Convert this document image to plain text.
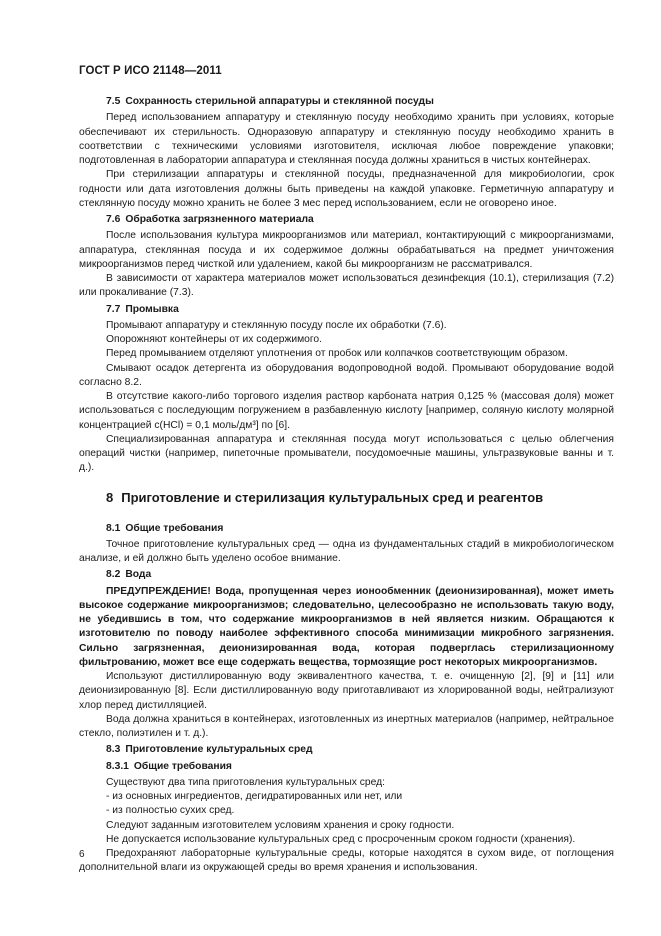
ГОСТ Р ИСО 21148—2011

7.5 Сохранность стерильной аппаратуры и стеклянной посуды

Перед использованием аппаратуру и стеклянную посуду необходимо хранить при условиях, которые обеспечивают их стерильность. Одноразовую аппаратуру и стеклянную посуду необходимо хранить в соответствии с техническими условиями изготовителя, исключая любое повреждение упаковки; подготовленная в лаборатории аппаратура и стеклянная посуда должны храниться в чистых контейнерах.

При стерилизации аппаратуры и стеклянной посуды, предназначенной для микробиологии, срок годности или дата изготовления должны быть приведены на каждой упаковке. Герметичную аппаратуру и стеклянную посуду можно хранить не более 3 мес перед использованием, если не оговорено иное.

7.6 Обработка загрязненного материала

После использования культура микроорганизмов или материал, контактирующий с микроорганизмами, аппаратура, стеклянная посуда и их содержимое должны обрабатываться на предмет уничтожения микроорганизмов перед чисткой или удалением, какой бы микроорганизм не рассматривался.

В зависимости от характера материалов может использоваться дезинфекция (10.1), стерилизация (7.2) или прокаливание (7.3).

7.7 Промывка

Промывают аппаратуру и стеклянную посуду после их обработки (7.6).

Опорожняют контейнеры от их содержимого.

Перед промыванием отделяют уплотнения от пробок или колпачков соответствующим образом.

Смывают осадок детергента из оборудования водопроводной водой. Промывают оборудование водой согласно 8.2.

В отсутствие какого-либо торгового изделия раствор карбоната натрия 0,125 % (массовая доля) может использоваться с последующим погружением в разбавленную кислоту [например, соляную кислоту молярной концентрацией с(HCl) = 0,1 моль/дм³] по [6].

Специализированная аппаратура и стеклянная посуда могут использоваться с целью облегчения операций чистки (например, пипеточные промыватели, посудомоечные машины, ультразвуковые ванны и т. д.).

8 Приготовление и стерилизация культуральных сред и реагентов

8.1 Общие требования

Точное приготовление культуральных сред — одна из фундаментальных стадий в микробиологическом анализе, и ей должно быть уделено особое внимание.

8.2 Вода

ПРЕДУПРЕЖДЕНИЕ! Вода, пропущенная через ионообменник (деионизированная), может иметь высокое содержание микроорганизмов; следовательно, целесообразно не использовать такую воду, не убедившись в том, что содержание микроорганизмов в ней является низким. Обращаются к изготовителю по поводу наиболее эффективного способа минимизации микробного загрязнения. Сильно загрязненная, деионизированная вода, которая подверглась стерилизационному фильтрованию, может все еще содержать вещества, тормозящие рост некоторых микроорганизмов.

Используют дистиллированную воду эквивалентного качества, т. е. очищенную [2], [9] и [11] или деионизированную [8]. Если дистиллированную воду приготавливают из хлорированной воды, нейтрализуют хлор перед дистилляцией.

Вода должна храниться в контейнерах, изготовленных из инертных материалов (например, нейтральное стекло, полиэтилен и т. д.).

8.3 Приготовление культуральных сред

8.3.1 Общие требования

Существуют два типа приготовления культуральных сред:

- из основных ингредиентов, дегидратированных или нет, или

- из полностью сухих сред.

Следуют заданным изготовителем условиям хранения и сроку годности.

Не допускается использование культуральных сред с просроченным сроком годности (хранения).

Предохраняют лабораторные культуральные среды, которые находятся в сухом виде, от поглощения дополнительной влаги из окружающей среды во время хранения и использования.

6
